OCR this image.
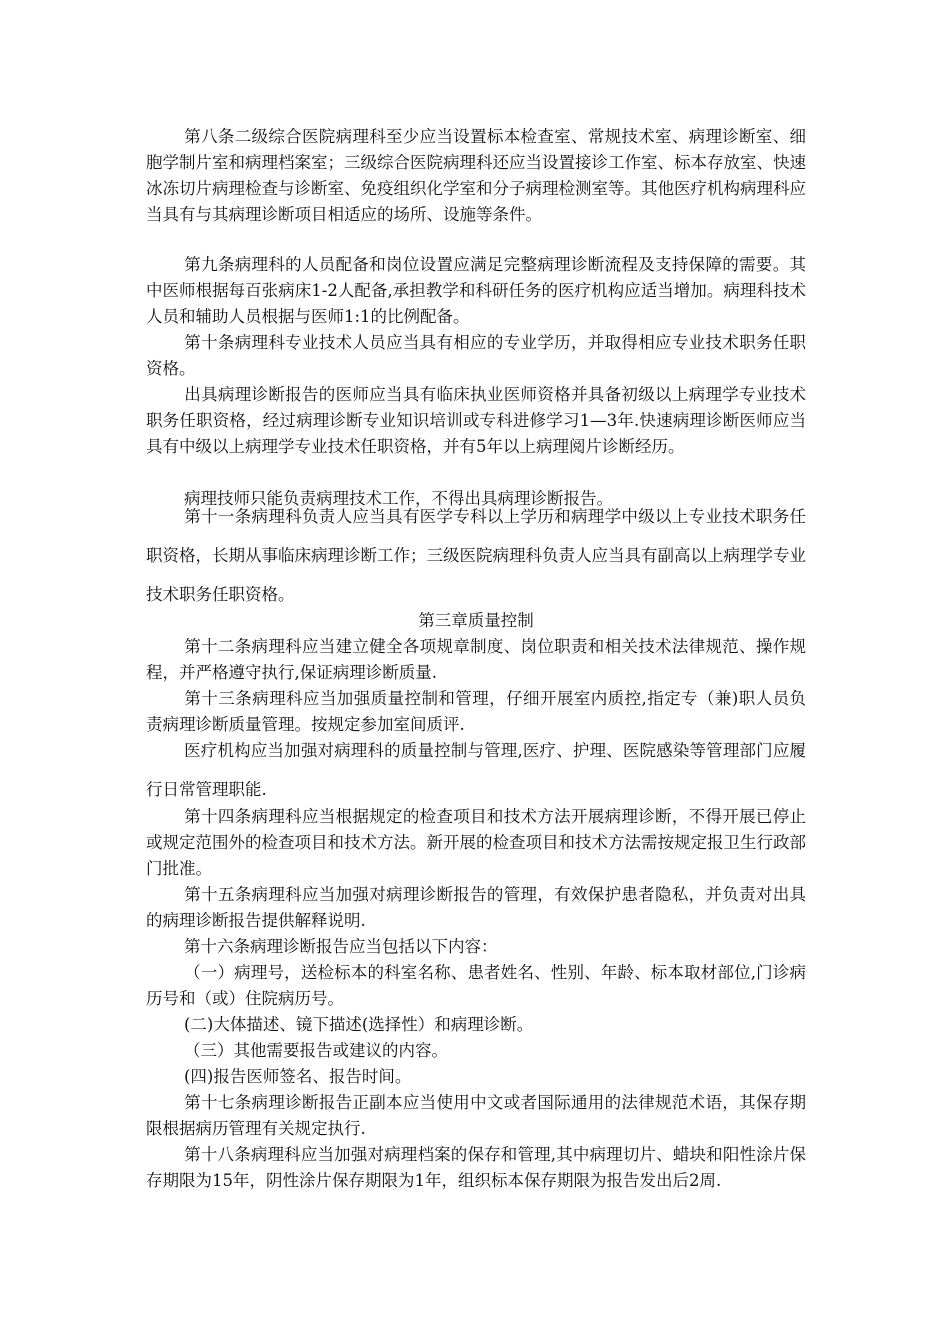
第八条二级综合医院病理科至少应当设置标本检查室、常规技术室、病理诊断室、细胞学制片室和病理档案室；三级综合医院病理科还应当设置接诊工作室、标本存放室、快速冰冻切片病理检查与诊断室、免疫组织化学室和分子病理检测室等。其他医疗机构病理科应当具有与其病理诊断项目相适应的场所、设施等条件。

第九条病理科的人员配备和岗位设置应满足完整病理诊断流程及支持保障的需要。其中医师根据每百张病床1-2人配备,承担教学和科研任务的医疗机构应适当增加。病理科技术人员和辅助人员根据与医师1:1的比例配备。

第十条病理科专业技术人员应当具有相应的专业学历，并取得相应专业技术职务任职资格。

出具病理诊断报告的医师应当具有临床执业医师资格并具备初级以上病理学专业技术职务任职资格，经过病理诊断专业知识培训或专科进修学习1—3年.快速病理诊断医师应当具有中级以上病理学专业技术任职资格，并有5年以上病理阅片诊断经历。

病理技师只能负责病理技术工作，不得出具病理诊断报告。

第十一条病理科负责人应当具有医学专科以上学历和病理学中级以上专业技术职务任职资格，长期从事临床病理诊断工作；三级医院病理科负责人应当具有副高以上病理学专业技术职务任职资格。

第三章质量控制

第十二条病理科应当建立健全各项规章制度、岗位职责和相关技术法律规范、操作规程，并严格遵守执行,保证病理诊断质量.

第十三条病理科应当加强质量控制和管理，仔细开展室内质控,指定专（兼)职人员负责病理诊断质量管理。按规定参加室间质评.

医疗机构应当加强对病理科的质量控制与管理,医疗、护理、医院感染等管理部门应履行日常管理职能.

第十四条病理科应当根据规定的检查项目和技术方法开展病理诊断，不得开展已停止或规定范围外的检查项目和技术方法。新开展的检查项目和技术方法需按规定报卫生行政部门批准。

第十五条病理科应当加强对病理诊断报告的管理，有效保护患者隐私，并负责对出具的病理诊断报告提供解释说明.

第十六条病理诊断报告应当包括以下内容：

（一）病理号，送检标本的科室名称、患者姓名、性别、年龄、标本取材部位,门诊病历号和（或）住院病历号。

(二)大体描述、镜下描述(选择性）和病理诊断。

（三）其他需要报告或建议的内容。

(四)报告医师签名、报告时间。

第十七条病理诊断报告正副本应当使用中文或者国际通用的法律规范术语，其保存期限根据病历管理有关规定执行.

第十八条病理科应当加强对病理档案的保存和管理,其中病理切片、蜡块和阳性涂片保存期限为15年，阴性涂片保存期限为1年，组织标本保存期限为报告发出后2周.
